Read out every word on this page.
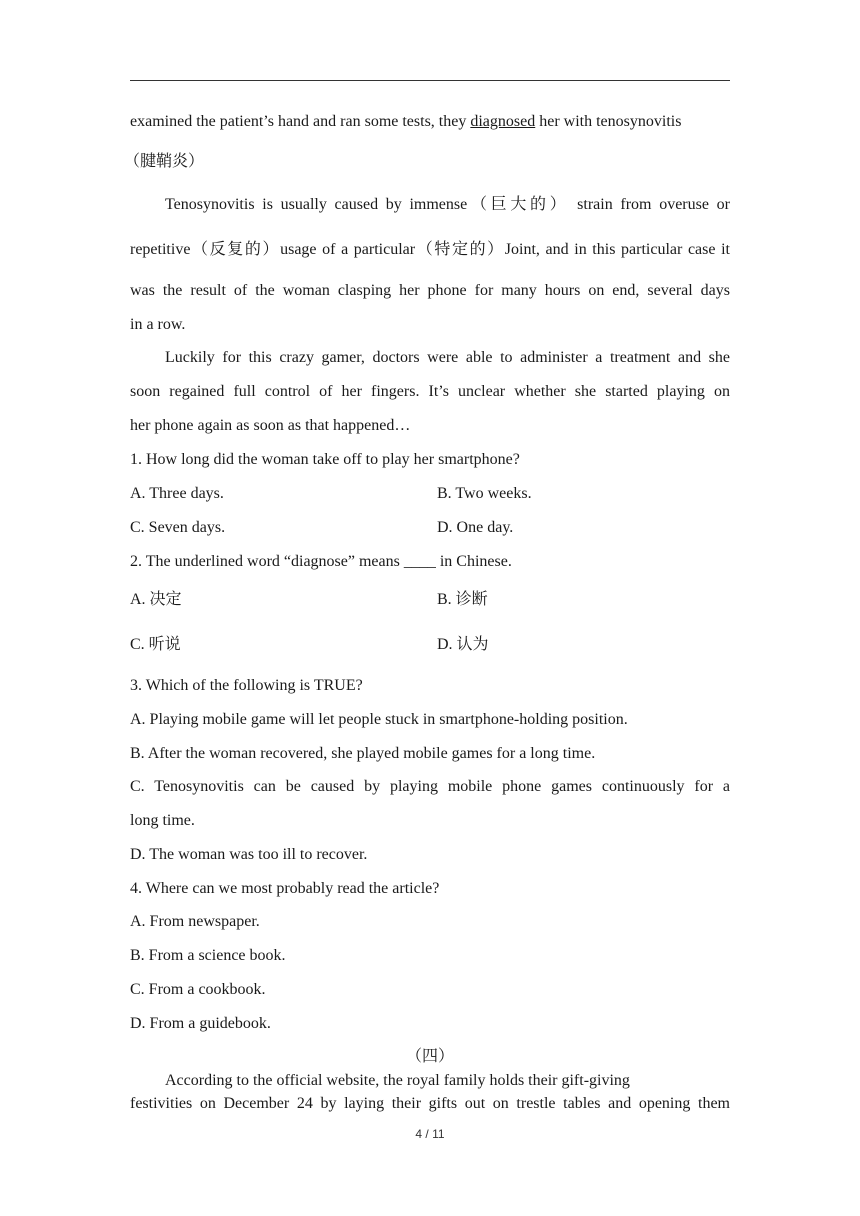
examined the patient’s hand and ran some tests, they diagnosed her with tenosynovitis
（腱鞘炎）
Tenosynovitis is usually caused by immense（巨大的） strain from overuse or
repetitive（反复的）usage of a particular（特定的）Joint, and in this particular case it
was the result of the woman clasping her phone for many hours on end, several days
in a row.
Luckily for this crazy gamer, doctors were able to administer a treatment and she
soon regained full control of her fingers. It’s unclear whether she started playing on
her phone again as soon as that happened…
1. How long did the woman take off to play her smartphone?
A. Three days.	B. Two weeks.
C. Seven days.	D. One day.
2. The underlined word “diagnose” means ____ in Chinese.
A. 决定	B. 诊断
C. 听说	D. 认为
3. Which of the following is TRUE?
A. Playing mobile game will let people stuck in smartphone-holding position.
B. After the woman recovered, she played mobile games for a long time.
C. Tenosynovitis can be caused by playing mobile phone games continuously for a
long time.
D. The woman was too ill to recover.
4. Where can we most probably read the article?
A. From newspaper.
B. From a science book.
C. From a cookbook.
D. From a guidebook.
（四）
According to the official website, the royal family holds their gift-giving
festivities on December 24 by laying their gifts out on trestle tables and opening them
4 / 11
